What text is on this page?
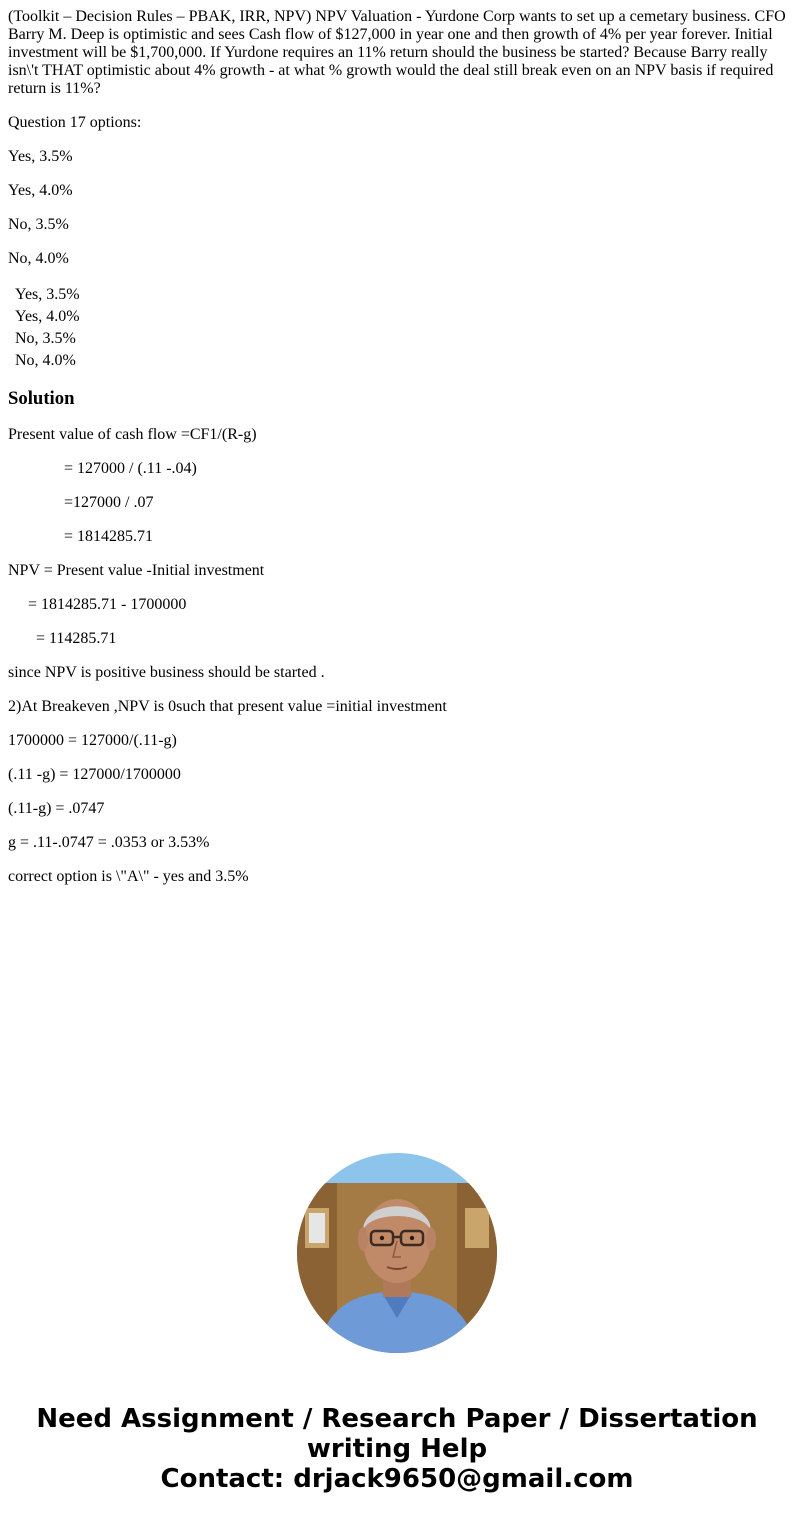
(Toolkit – Decision Rules – PBAK, IRR, NPV) NPV Valuation - Yurdone Corp wants to set up a cemetary business. CFO Barry M. Deep is optimistic and sees Cash flow of $127,000 in year one and then growth of 4% per year forever. Initial investment will be $1,700,000. If Yurdone requires an 11% return should the business be started? Because Barry really isn\'t THAT optimistic about 4% growth - at what % growth would the deal still break even on an NPV basis if required return is 11%?

Question 17 options:

Yes, 3.5%

Yes, 4.0%

No, 3.5%

No, 4.0%

Yes, 3.5%
Yes, 4.0%
No, 3.5%
No, 4.0%
Solution

Present value of cash flow =CF1/(R-g)

= 127000 / (.11 -.04)

=127000 / .07

= 1814285.71

NPV = Present value -Initial investment

= 1814285.71 - 1700000

= 114285.71

since NPV is positive business should be started .

2)At Breakeven ,NPV is 0such that present value =initial investment

1700000 = 127000/(.11-g)

(.11 -g) = 127000/1700000

(.11-g) = .0747

g = .11-.0747 = .0353 or 3.53%

correct option is \"A\" - yes and 3.5%

Need Assignment / Research Paper / Dissertation
writing Help
Contact: drjack9650@gmail.com
